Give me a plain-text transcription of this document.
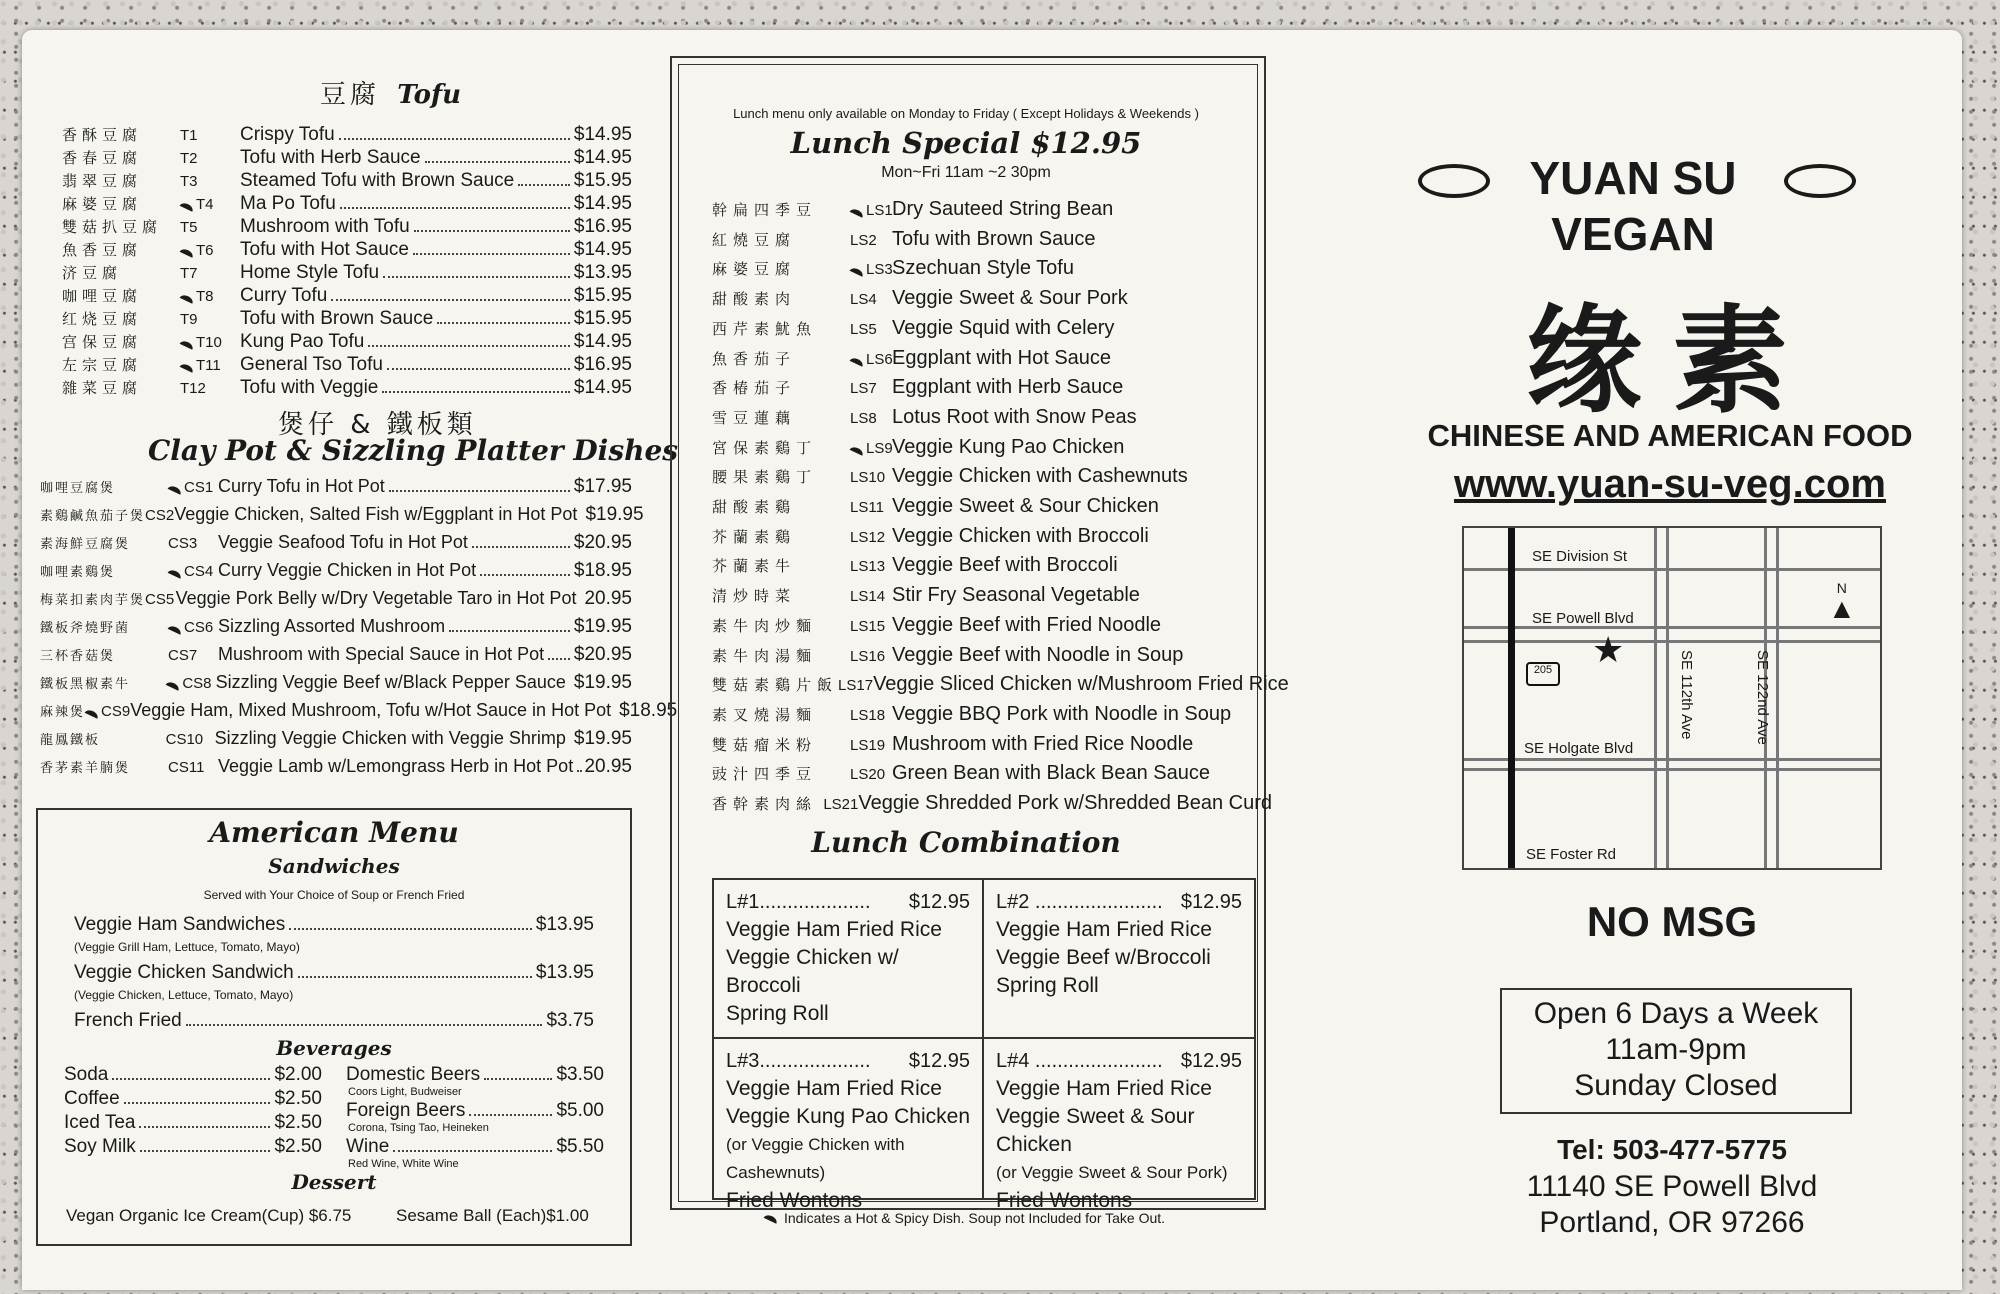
豆腐 Tofu
香酥豆腐	T1	Crispy Tofu	$14.95
香春豆腐	T2	Tofu with Herb Sauce	$14.95
翡翠豆腐	T3	Steamed Tofu with Brown Sauce	$15.95
麻婆豆腐	T4	Ma Po Tofu	$14.95
雙菇扒豆腐	T5	Mushroom with Tofu	$16.95
魚香豆腐	T6	Tofu with Hot Sauce	$14.95
济豆腐	T7	Home Style Tofu	$13.95
咖哩豆腐	T8	Curry Tofu	$15.95
红烧豆腐	T9	Tofu with Brown Sauce	$15.95
宫保豆腐	T10 Kung Pao Tofu	$14.95
左宗豆腐	T11	General Tso Tofu	$16.95
雜菜豆腐	T12	Tofu with Veggie	$14.95
煲仔 & 鐵板類
Clay Pot & Sizzling Platter Dishes
咖哩豆腐煲	CS1 Curry Tofu in Hot Pot	$17.95
素鷄鹹魚茄子煲 CS2 Veggie Chicken, Salted Fish w/Eggplant in Hot Pot $19.95
素海鮮豆腐煲	CS3	Veggie Seafood Tofu in Hot Pot	$20.95
咖哩素鷄煲	CS4 Curry Veggie Chicken in Hot Pot	$18.95
梅菜扣素肉芋煲 CS5 Veggie Pork Belly w/Dry Vegetable Taro in Hot Pot 20.95
鐵板斧燒野菌	CS6 Sizzling Assorted Mushroom	$19.95
三杯香菇煲	CS7	Mushroom with Special Sauce in Hot Pot $20.95
鐵板黑椒素牛	CS8 Sizzling Veggie Beef w/Black Pepper Sauce $19.95
麻辣煲	CS9 Veggie Ham, Mixed Mushroom, Tofu w/Hot Sauce in Hot Pot $18.95
龍鳳鐵板	CS10 Sizzling Veggie Chicken with Veggie Shrimp $19.95
香茅素羊腩煲	CS11 Veggie Lamb w/Lemongrass Herb in Hot Pot 20.95
American Menu
Sandwiches
Served with Your Choice of Soup or French Fried
Veggie Ham Sandwiches	$13.95
(Veggie Grill Ham, Lettuce, Tomato, Mayo)
Veggie Chicken Sandwich	$13.95
(Veggie Chicken, Lettuce, Tomato, Mayo)
French Fried	$3.75
Beverages
Soda	$2.00
Coffee	$2.50
Iced Tea	$2.50
Soy Milk	$2.50
Domestic Beers	$3.50
Coors Light, Budweiser
Foreign Beers	$5.00
Corona, Tsing Tao, Heineken
Wine	$5.50
Red Wine, White Wine
Dessert
Vegan Organic Ice Cream(Cup) $6.75	Sesame Ball (Each)$1.00
Lunch menu only available on Monday to Friday ( Except Holidays & Weekends )
Lunch Special $12.95
Mon~Fri 11am ~2 30pm
幹扁四季豆	LS1 Dry Sauteed String Bean
紅燒豆腐	LS2 Tofu with Brown Sauce
麻婆豆腐	LS3 Szechuan Style Tofu
甜酸素肉	LS4 Veggie Sweet & Sour Pork
西芹素魷魚	LS5 Veggie Squid with Celery
魚香茄子	LS6 Eggplant with Hot Sauce
香椿茄子	LS7 Eggplant with Herb Sauce
雪豆蓮藕	LS8 Lotus Root with Snow Peas
宮保素鷄丁	LS9 Veggie Kung Pao Chicken
腰果素鷄丁	LS10 Veggie Chicken with Cashewnuts
甜酸素鷄	LS11 Veggie Sweet & Sour Chicken
芥蘭素鷄	LS12 Veggie Chicken with Broccoli
芥蘭素牛	LS13 Veggie Beef with Broccoli
清炒時菜	LS14 Stir Fry Seasonal Vegetable
素牛肉炒麵	LS15 Veggie Beef with Fried Noodle
素牛肉湯麵	LS16 Veggie Beef with Noodle in Soup
雙菇素鷄片飯 LS17 Veggie Sliced Chicken w/Mushroom Fried Rice
素叉燒湯麵	LS18 Veggie BBQ Pork with Noodle in Soup
雙菇瘤米粉	LS19 Mushroom with Fried Rice Noodle
豉汁四季豆	LS20 Green Bean with Black Bean Sauce
香幹素肉絲 LS21 Veggie Shredded Pork w/Shredded Bean Curd
Lunch Combination
L#1.................... $12.95
Veggie Ham Fried Rice
Veggie Chicken w/ Broccoli
Spring Roll
L#2 ....................... $12.95
Veggie Ham Fried Rice
Veggie Beef w/Broccoli
Spring Roll
L#3.................... $12.95
Veggie Ham Fried Rice
Veggie Kung Pao Chicken
(or Veggie Chicken with Cashewnuts)
Fried Wontons
L#4 ....................... $12.95
Veggie Ham Fried Rice
Veggie Sweet & Sour Chicken
(or Veggie Sweet & Sour Pork)
Fried Wontons
Indicates a Hot & Spicy Dish. Soup not Included for Take Out.
YUAN SU
VEGAN
缘素
CHINESE AND AMERICAN FOOD
www.yuan-su-veg.com
SE Division St
SE Powell Blvd
SE Holgate Blvd
SE Foster Rd
SE 112th Ave	SE 122nd Ave
205 ★
N
▲
NO MSG
Open 6 Days a Week
11am-9pm
Sunday Closed
Tel: 503-477-5775
11140 SE Powell Blvd
Portland, OR 97266
